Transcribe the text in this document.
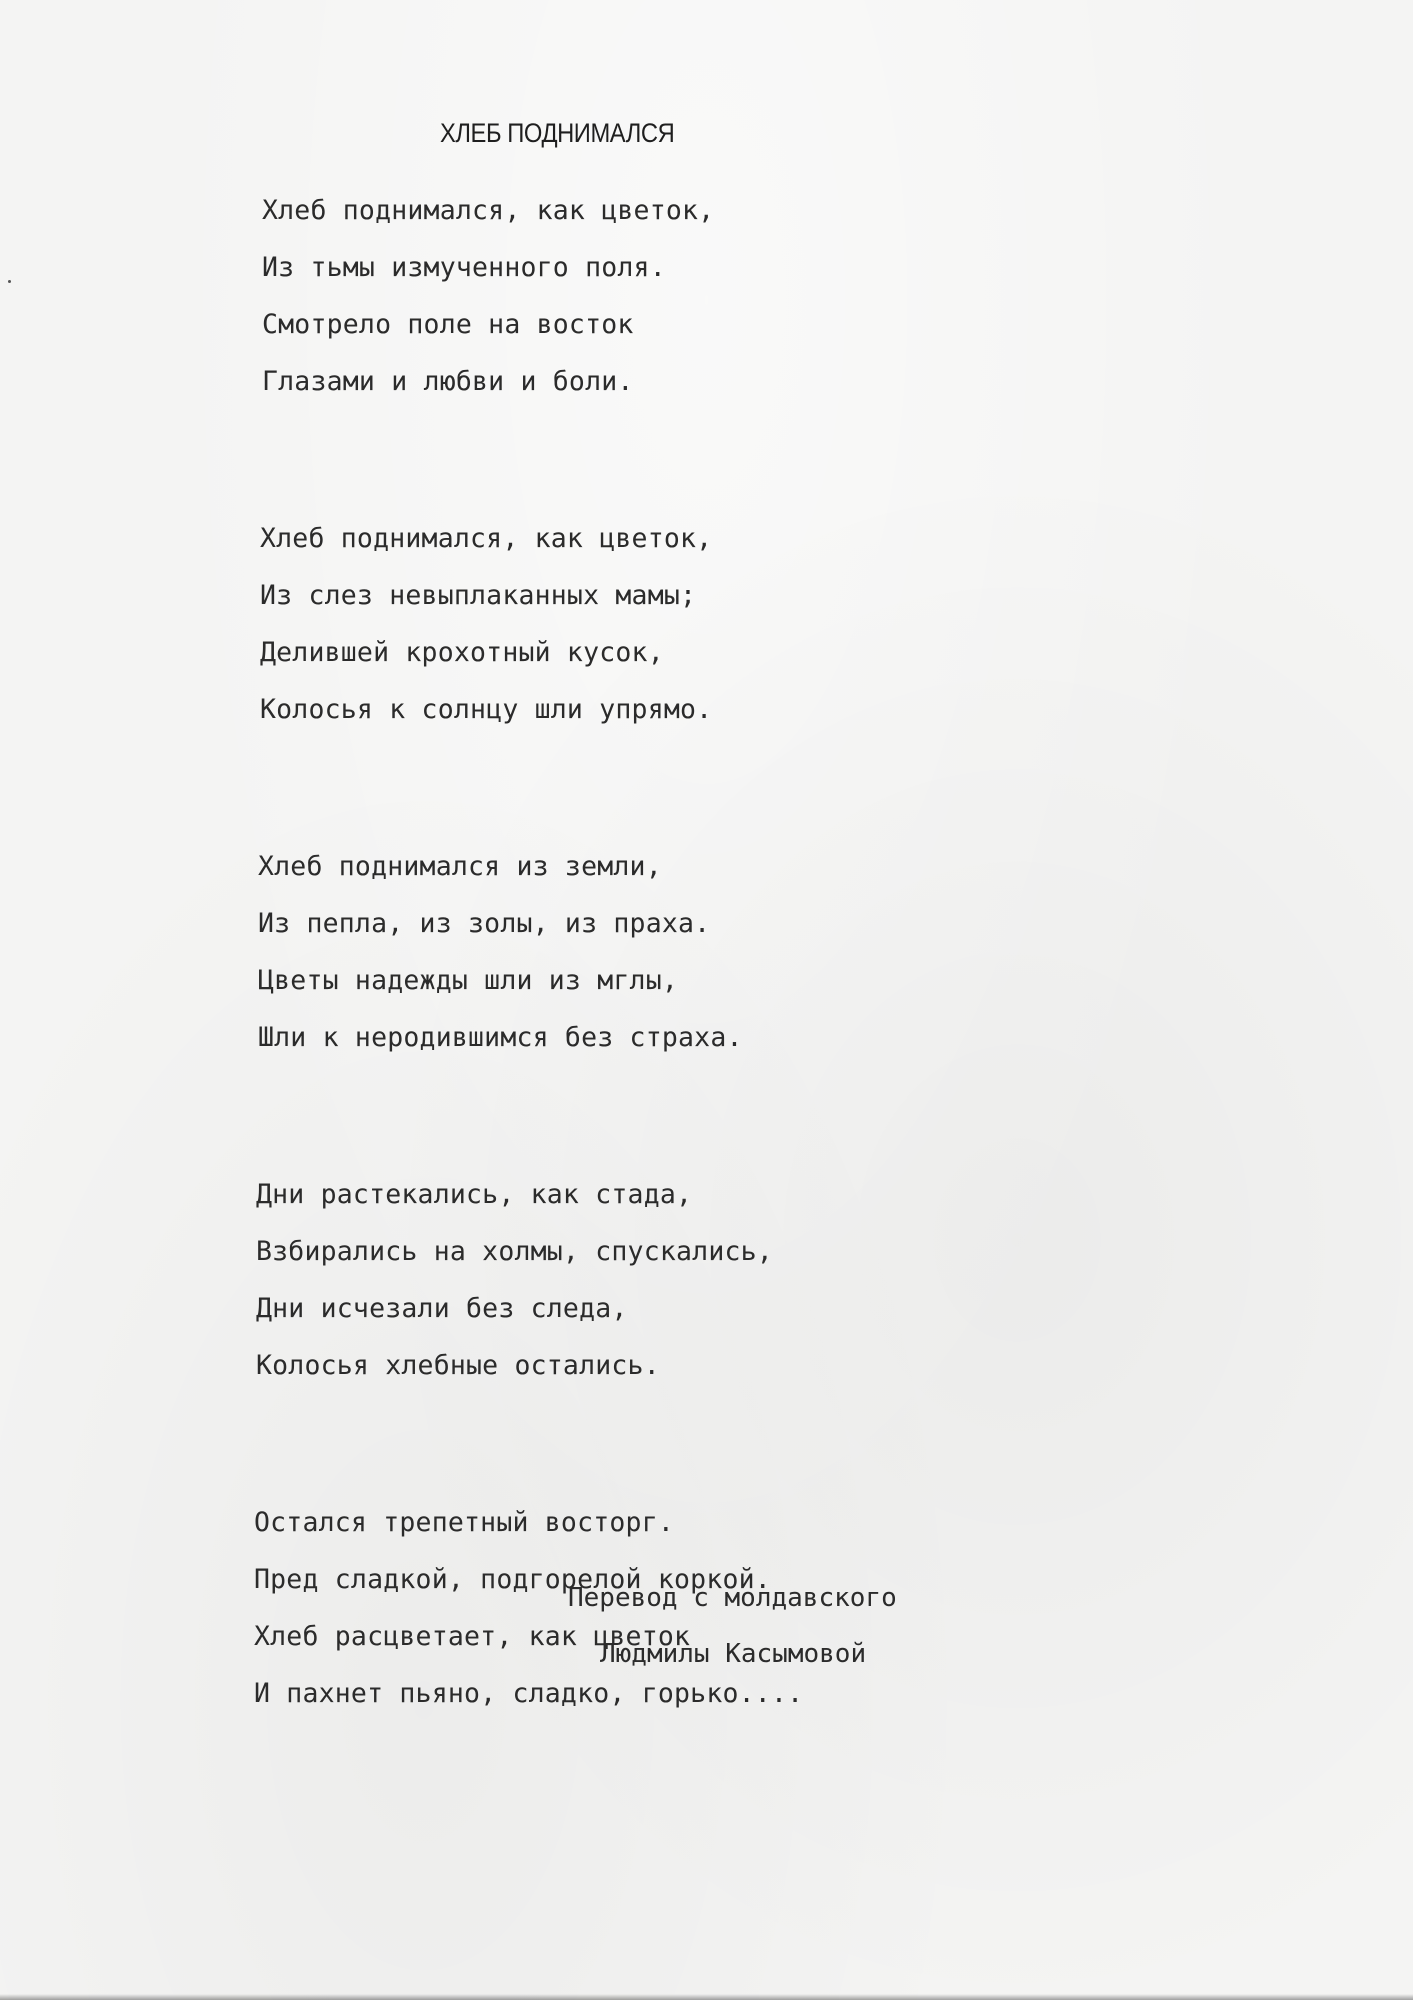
ХЛЕБ ПОДНИМАЛСЯ
Хлеб поднимался, как цветок,
Из тьмы измученного поля.
Смотрело поле на восток
Глазами и любви и боли.
Хлеб поднимался, как цветок,
Из слез невыплаканных мамы;
Делившей крохотный кусок,
Колосья к солнцу шли упрямо.
Хлеб поднимался из земли,
Из пепла, из золы, из праха.
Цветы надежды шли из мглы,
Шли к неродившимся без страха.
Дни растекались, как стада,
Взбирались на холмы, спускались,
Дни исчезали без следа,
Колосья хлебные остались.
Остался трепетный восторг.
Пред сладкой, подгорелой коркой.
Хлеб расцветает, как цветок
И пахнет пьяно, сладко, горько....
Перевод с молдавского
Людмилы Касымовой
